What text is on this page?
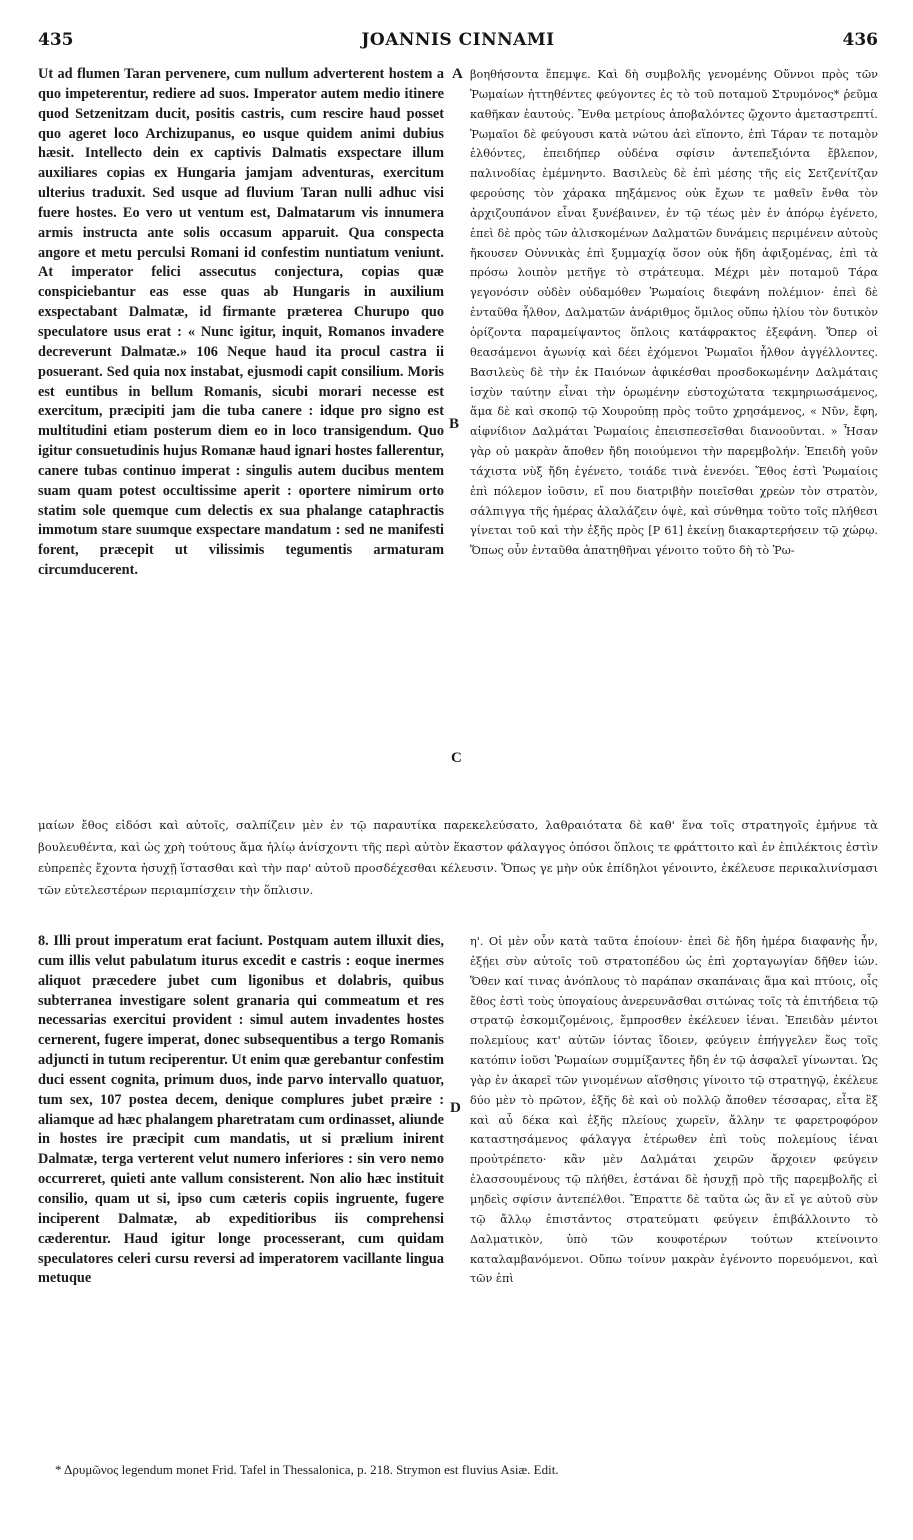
435	JOANNIS CINNAMI	436

Ut ad flumen Taran pervenere, cum nullum adverterent hostem a quo impeterentur, rediere ad suos. Imperator autem medio itinere quod Setzenitzam ducit, positis castris, cum rescire haud posset quo ageret loco Archizupanus, eo usque quidem animi dubius hæsit. Intellecto dein ex captivis Dalmatis exspectare illum auxiliares copias ex Hungaria jamjam adventuras, exercitum ulterius traduxit. Sed usque ad fluvium Taran nulli adhuc visi fuere hostes. Eo vero ut ventum est, Dalmatarum vis innumera armis instructa ante solis occasum apparuit. Qua conspecta angore et metu perculsi Romani id confestim nuntiatum veniunt. At imperator felici assecutus conjectura, copias quæ conspiciebantur eas esse quas ab Hungaris in auxilium exspectabant Dalmatæ, id firmante præterea Churupo quo speculatore usus erat : « Nunc igitur, inquit, Romanos invadere decreverunt Dalmatæ.» 106 Neque haud ita procul castra ii posuerant. Sed quia nox instabat, ejusmodi capit consilium. Moris est euntibus in bellum Romanis, sicubi morari necesse est exercitum, præcipiti jam die tuba canere : idque pro signo est multitudini etiam posterum diem eo in loco transigendum. Quo igitur consuetudinis hujus Romanæ haud ignari hostes fallerentur, canere tubas continuo imperat : singulis autem ducibus mentem suam quam potest occultissime aperit : oportere nimirum orto statim sole quemque cum delectis ex sua phalange cataphractis immotum stare suumque exspectare mandatum : sed ne manifesti forent, præcepit ut vilissimis tegumentis armaturam circumducerent.

βοηθήσοντα ἔπεμψε. Καὶ δὴ συμβολῆς γενομένης Οὔννοι πρὸς τῶν Ῥωμαίων ἡττηθέντες φεύγοντες ἐς τὸ τοῦ ποταμοῦ Στρυμόνος* ῥεῦμα καθῆκαν ἑαυτούς. Ἔνθα μετρίους ἀποβαλόντες ᾤχοντο ἀμεταστρεπτί. Ῥωμαῖοι δὲ φεύγουσι κατὰ νώτου ἀεὶ εἵποντο, ἐπὶ Τάραν τε ποταμὸν ἐλθόντες, ἐπειδήπερ οὐδένα σφίσιν ἀντεπεξιόντα ἔβλεπον, παλινοδίας ἐμέμνηντο. Βασιλεὺς δὲ ἐπὶ μέσης τῆς εἰς Σετζενίτζαν φερούσης τὸν χάρακα πηξάμενος οὐκ ἔχων τε μαθεῖν ἔνθα τὸν ἀρχιζουπάνον εἶναι ξυνέβαινεν, ἐν τῷ τέως μὲν ἐν ἀπόρῳ ἐγένετο, ἐπεὶ δὲ πρὸς τῶν ἁλισκομένων Δαλματῶν δυνάμεις περιμένειν αὐτοὺς ἤκουσεν Οὐννικὰς ἐπὶ ξυμμαχίᾳ ὅσον οὐκ ἤδη ἀφιξομένας, ἐπὶ τὰ πρόσω λοιπὸν μετῆγε τὸ στράτευμα. Μέχρι μὲν ποταμοῦ Τάρα γεγονόσιν οὐδὲν οὐδαμόθεν Ῥωμαίοις διεφάνη πολέμιον· ἐπεὶ δὲ ἐνταῦθα ἦλθον, Δαλματῶν ἀνάριθμος ὅμιλος οὔπω ἡλίου τὸν δυτικὸν ὁρίζοντα παραμείψαντος ὅπλοις κατάφρακτος ἐξεφάνη. Ὅπερ οἱ θεασάμενοι ἀγωνίᾳ καὶ δέει ἐχόμενοι Ῥωμαῖοι ἦλθον ἀγγέλλοντες. Βασιλεὺς δὲ τὴν ἐκ Παιόνων ἀφικέσθαι προσδοκωμένην Δαλμάταις ἰσχὺν ταύτην εἶναι τὴν ὁρωμένην εὐστοχώτατα τεκμηριωσάμενος, ἅμα δὲ καὶ σκοπῷ τῷ Χουρούπῃ πρὸς τοῦτο χρησάμενος, « Νῦν, ἔφη, αἰφνίδιον Δαλμάται Ῥωμαίοις ἐπεισπεσεῖσθαι διανοοῦνται. » Ἦσαν γὰρ οὐ μακρὰν ἄποθεν ἤδη ποιούμενοι τὴν παρεμβολήν. Ἐπειδὴ γοῦν τάχιστα νὺξ ἤδη ἐγένετο, τοιάδε τινὰ ἐνενόει. Ἔθος ἐστὶ Ῥωμαίοις ἐπὶ πόλεμον ἰοῦσιν, εἴ που διατριβὴν ποιεῖσθαι χρεὼν τὸν στρατὸν, σάλπιγγα τῆς ἡμέρας ἀλαλάζειν ὀψὲ, καὶ σύνθημα τοῦτο τοῖς πλήθεσι γίνεται τοῦ καὶ τὴν ἐξῆς πρὸς [P 61] ἐκείνῃ διακαρτερήσειν τῷ χώρῳ. Ὅπως οὖν ἐνταῦθα ἀπατηθῆναι γένοιτο τοῦτο δὴ τὸ Ῥω-

A
B
C
D

μαίων ἔθος εἰδόσι καὶ αὐτοῖς, σαλπίζειν μὲν ἐν τῷ παραυτίκα παρεκελεύσατο, λαθραιότατα δὲ καθ' ἕνα τοῖς στρατηγοῖς ἐμήνυε τὰ βουλευθέντα, καὶ ὡς χρὴ τούτους ἅμα ἡλίῳ ἀνίσχοντι τῆς περὶ αὐτὸν ἕκαστον φάλαγγος ὁπόσοι ὅπλοις τε φράττοιτο καὶ ἐν ἐπιλέκτοις ἐστὶν εὐπρεπὲς ἔχοντα ἡσυχῇ ἵστασθαι καὶ τὴν παρ' αὐτοῦ προσδέχεσθαι κέλευσιν. Ὅπως γε μὴν οὐκ ἐπίδηλοι γένοιντο, ἐκέλευσε περικαλινίσμασι τῶν εὐτελεστέρων περιαμπίσχειν τὴν ὅπλισιν.

8. Illi prout imperatum erat faciunt. Postquam autem illuxit dies, cum illis velut pabulatum iturus excedit e castris : eoque inermes aliquot præcedere jubet cum ligonibus et dolabris, quibus subterranea investigare solent granaria qui commeatum et res necessarias exercitui provident : simul autem invadentes hostes cernerent, fugere imperat, donec subsequentibus a tergo Romanis adjuncti in tutum reciperentur. Ut enim quæ gerebantur confestim duci essent cognita, primum duos, inde parvo intervallo quatuor, tum sex, 107 postea decem, denique complures jubet præire : aliamque ad hæc phalangem pharetratam cum ordinasset, aliunde in hostes ire præcipit cum mandatis, ut si prælium inirent Dalmatæ, terga verterent velut numero inferiores : sin vero nemo occurreret, quieti ante vallum consisterent. Non alio hæc instituit consilio, quam ut si, ipso cum cæteris copiis ingruente, fugere inciperent Dalmatæ, ab expeditioribus iis comprehensi cæderentur. Haud igitur longe processerant, cum quidam speculatores celeri cursu reversi ad imperatorem vacillante lingua metuque

η'. Οἱ μὲν οὖν κατὰ ταῦτα ἐποίουν· ἐπεὶ δὲ ἤδη ἡμέρα διαφανὴς ἦν, ἐξῄει σὺν αὐτοῖς τοῦ στρατοπέδου ὡς ἐπὶ χορταγωγίαν δῆθεν ἰών. Ὅθεν καί τινας ἀνόπλους τὸ παράπαν σκαπάναις ἅμα καὶ πτύοις, οἷς ἔθος ἐστὶ τοὺς ὑπογαίους ἀνερευνᾶσθαι σιτώνας τοῖς τὰ ἐπιτήδεια τῷ στρατῷ ἐσκομιζομένοις, ἔμπροσθεν ἐκέλευεν ἰέναι. Ἐπειδὰν μέντοι πολεμίους κατ' αὐτῶν ἰόντας ἴδοιεν, φεύγειν ἐπήγγελεν ἕως τοῖς κατόπιν ἰοῦσι Ῥωμαίων συμμίξαντες ἤδη ἐν τῷ ἀσφαλεῖ γίνωνται. Ὡς γὰρ ἐν ἀκαρεῖ τῶν γινομένων αἴσθησις γίνοιτο τῷ στρατηγῷ, ἐκέλευε δύο μὲν τὸ πρῶτον, ἑξῆς δὲ καὶ οὐ πολλῷ ἄποθεν τέσσαρας, εἶτα ἓξ καὶ αὖ δέκα καὶ ἑξῆς πλείους χωρεῖν, ἄλλην τε φαρετροφόρον καταστησάμενος φάλαγγα ἑτέρωθεν ἐπὶ τοὺς πολεμίους ἰέναι προὐτρέπετο· κἂν μὲν Δαλμάται χειρῶν ἄρχοιεν φεύγειν ἐλασσουμένους τῷ πλήθει, ἑστάναι δὲ ἡσυχῇ πρὸ τῆς παρεμβολῆς εἰ μηδεὶς σφίσιν ἀντεπέλθοι. Ἔπραττε δὲ ταῦτα ὡς ἂν εἴ γε αὐτοῦ σὺν τῷ ἄλλῳ ἐπιστάντος στρατεύματι φεύγειν ἐπιβάλλοιντο τὸ Δαλματικὸν, ὑπὸ τῶν κουφοτέρων τούτων κτείνοιντο καταλαμβανόμενοι. Οὔπω τοίνυν μακρὰν ἐγένοντο πορευόμενοι, καὶ τῶν ἐπὶ

* Δρυμῶνος legendum monet Frid. Tafel in Thessalonica, p. 218. Strymon est fluvius Asiæ. Edit.
